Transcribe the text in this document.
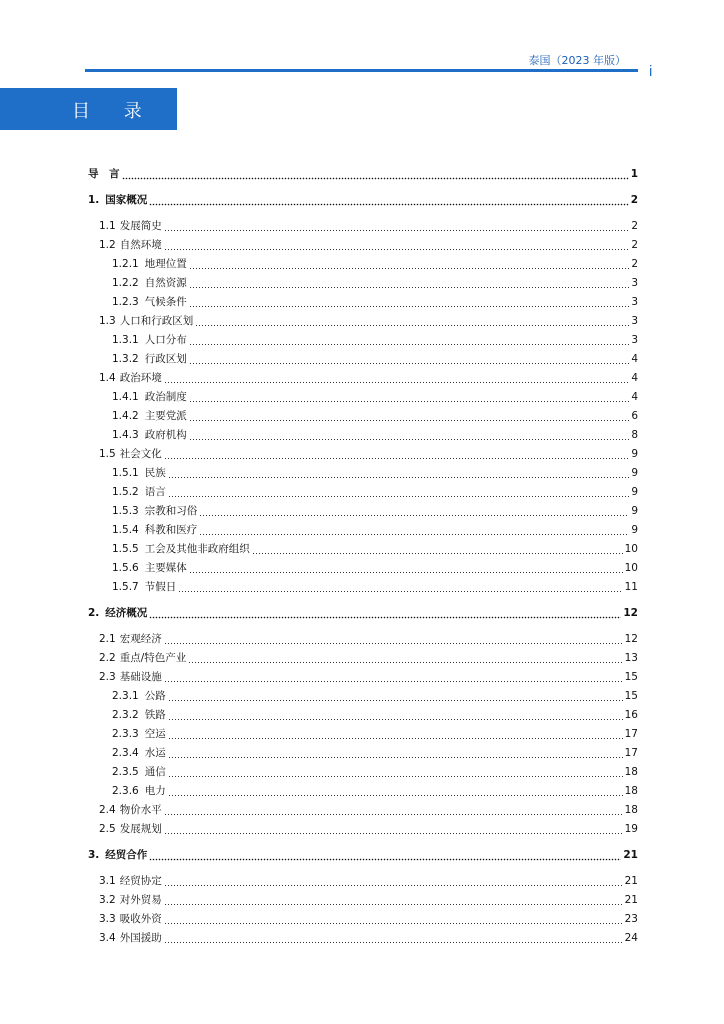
泰国（2023 年版）
i
目 录
导　言	1
1. 国家概况	2
1.1 发展简史	2
1.2 自然环境	2
1.2.1 地理位置	2
1.2.2 自然资源	3
1.2.3 气候条件	3
1.3 人口和行政区划	3
1.3.1 人口分布	3
1.3.2 行政区划	4
1.4 政治环境	4
1.4.1 政治制度	4
1.4.2 主要党派	6
1.4.3 政府机构	8
1.5 社会文化	9
1.5.1 民族	9
1.5.2 语言	9
1.5.3 宗教和习俗	9
1.5.4 科教和医疗	9
1.5.5 工会及其他非政府组织	10
1.5.6 主要媒体	10
1.5.7 节假日	11
2. 经济概况	12
2.1 宏观经济	12
2.2 重点/特色产业	13
2.3 基础设施	15
2.3.1 公路	15
2.3.2 铁路	16
2.3.3 空运	17
2.3.4 水运	17
2.3.5 通信	18
2.3.6 电力	18
2.4 物价水平	18
2.5 发展规划	19
3. 经贸合作	21
3.1 经贸协定	21
3.2 对外贸易	21
3.3 吸收外资	23
3.4 外国援助	24
